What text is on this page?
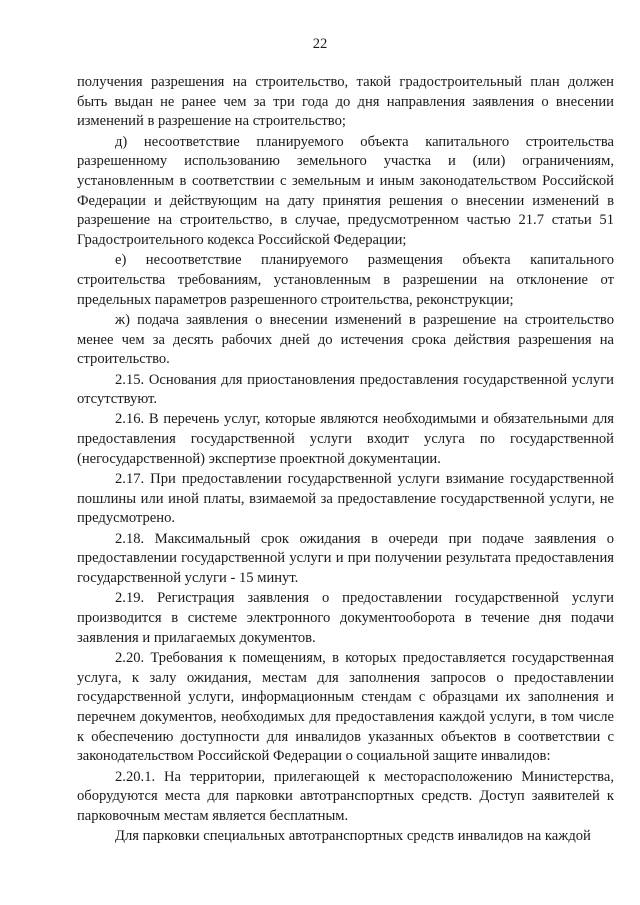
22

получения разрешения на строительство, такой градостроительный план должен быть выдан не ранее чем за три года до дня направления заявления о внесении изменений в разрешение на строительство;

д) несоответствие планируемого объекта капитального строительства разрешенному использованию земельного участка и (или) ограничениям, установленным в соответствии с земельным и иным законодательством Российской Федерации и действующим на дату принятия решения о внесении изменений в разрешение на строительство, в случае, предусмотренном частью 21.7 статьи 51 Градостроительного кодекса Российской Федерации;

е) несоответствие планируемого размещения объекта капитального строительства требованиям, установленным в разрешении на отклонение от предельных параметров разрешенного строительства, реконструкции;

ж) подача заявления о внесении изменений в разрешение на строительство менее чем за десять рабочих дней до истечения срока действия разрешения на строительство.

2.15. Основания для приостановления предоставления государственной услуги отсутствуют.

2.16. В перечень услуг, которые являются необходимыми и обязательными для предоставления государственной услуги входит услуга по государственной (негосударственной) экспертизе проектной документации.

2.17. При предоставлении государственной услуги взимание государственной пошлины или иной платы, взимаемой за предоставление государственной услуги, не предусмотрено.

2.18. Максимальный срок ожидания в очереди при подаче заявления о предоставлении государственной услуги и при получении результата предоставления государственной услуги - 15 минут.

2.19. Регистрация заявления о предоставлении государственной услуги производится в системе электронного документооборота в течение дня подачи заявления и прилагаемых документов.

2.20. Требования к помещениям, в которых предоставляется государственная услуга, к залу ожидания, местам для заполнения запросов о предоставлении государственной услуги, информационным стендам с образцами их заполнения и перечнем документов, необходимых для предоставления каждой услуги, в том числе к обеспечению доступности для инвалидов указанных объектов в соответствии с законодательством Российской Федерации о социальной защите инвалидов:

2.20.1. На территории, прилегающей к месторасположению Министерства, оборудуются места для парковки автотранспортных средств. Доступ заявителей к парковочным местам является бесплатным.

Для парковки специальных автотранспортных средств инвалидов на каждой
